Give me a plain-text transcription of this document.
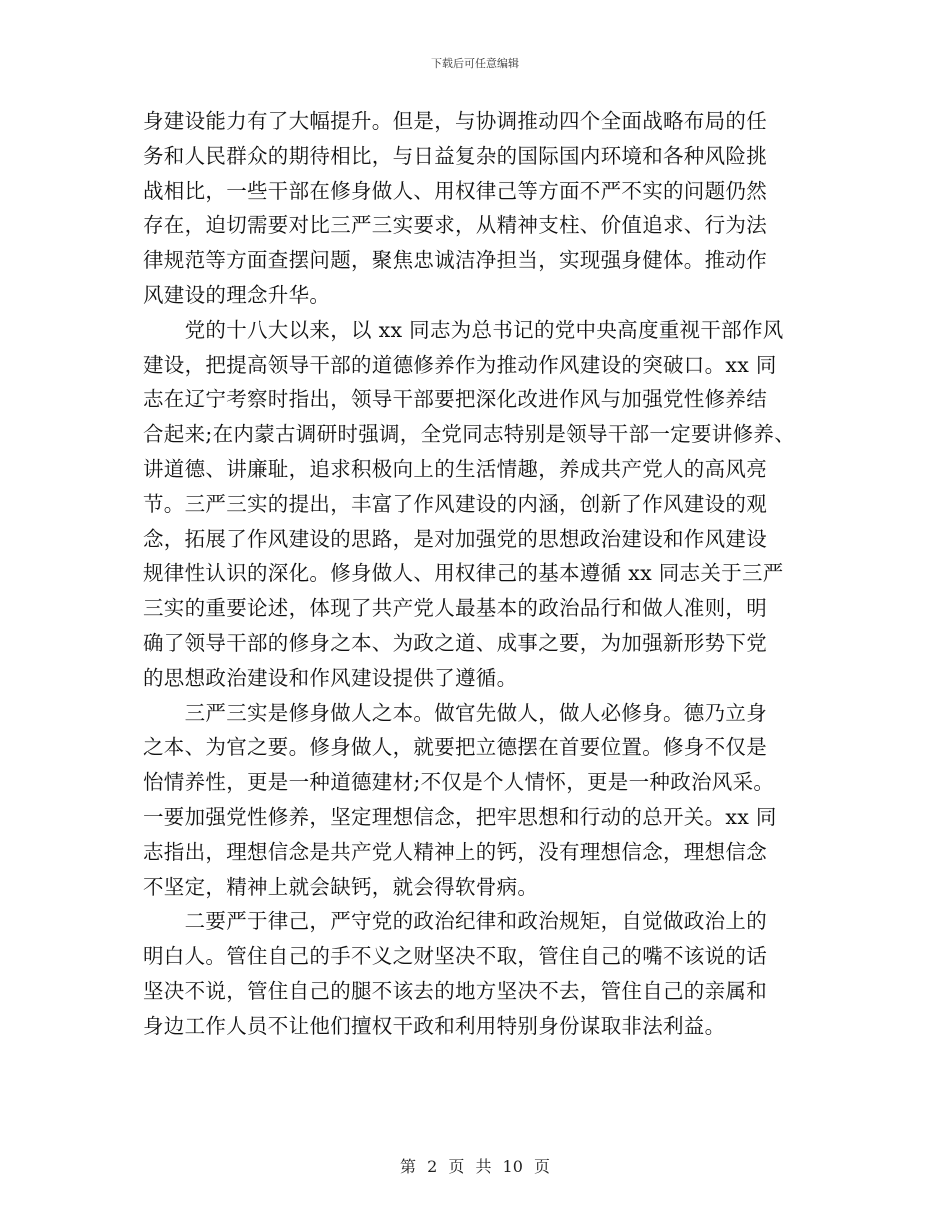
下载后可任意编辑
身建设能力有了大幅提升。但是，与协调推动四个全面战略布局的任
务和人民群众的期待相比，与日益复杂的国际国内环境和各种风险挑
战相比，一些干部在修身做人、用权律己等方面不严不实的问题仍然
存在，迫切需要对比三严三实要求，从精神支柱、价值追求、行为法
律规范等方面查摆问题，聚焦忠诚洁净担当，实现强身健体。推动作
风建设的理念升华。
　　党的十八大以来，以 xx 同志为总书记的党中央高度重视干部作风
建设，把提高领导干部的道德修养作为推动作风建设的突破口。xx 同
志在辽宁考察时指出，领导干部要把深化改进作风与加强党性修养结
合起来;在内蒙古调研时强调，全党同志特别是领导干部一定要讲修养、
讲道德、讲廉耻，追求积极向上的生活情趣，养成共产党人的高风亮
节。三严三实的提出，丰富了作风建设的内涵，创新了作风建设的观
念，拓展了作风建设的思路，是对加强党的思想政治建设和作风建设
规律性认识的深化。修身做人、用权律己的基本遵循 xx 同志关于三严
三实的重要论述，体现了共产党人最基本的政治品行和做人准则，明
确了领导干部的修身之本、为政之道、成事之要，为加强新形势下党
的思想政治建设和作风建设提供了遵循。
　　三严三实是修身做人之本。做官先做人，做人必修身。德乃立身
之本、为官之要。修身做人，就要把立德摆在首要位置。修身不仅是
怡情养性，更是一种道德建材;不仅是个人情怀，更是一种政治风采。
一要加强党性修养，坚定理想信念，把牢思想和行动的总开关。xx 同
志指出，理想信念是共产党人精神上的钙，没有理想信念，理想信念
不坚定，精神上就会缺钙，就会得软骨病。
　　二要严于律己，严守党的政治纪律和政治规矩，自觉做政治上的
明白人。管住自己的手不义之财坚决不取，管住自己的嘴不该说的话
坚决不说，管住自己的腿不该去的地方坚决不去，管住自己的亲属和
身边工作人员不让他们擅权干政和利用特别身份谋取非法利益。
第 2 页 共 10 页
